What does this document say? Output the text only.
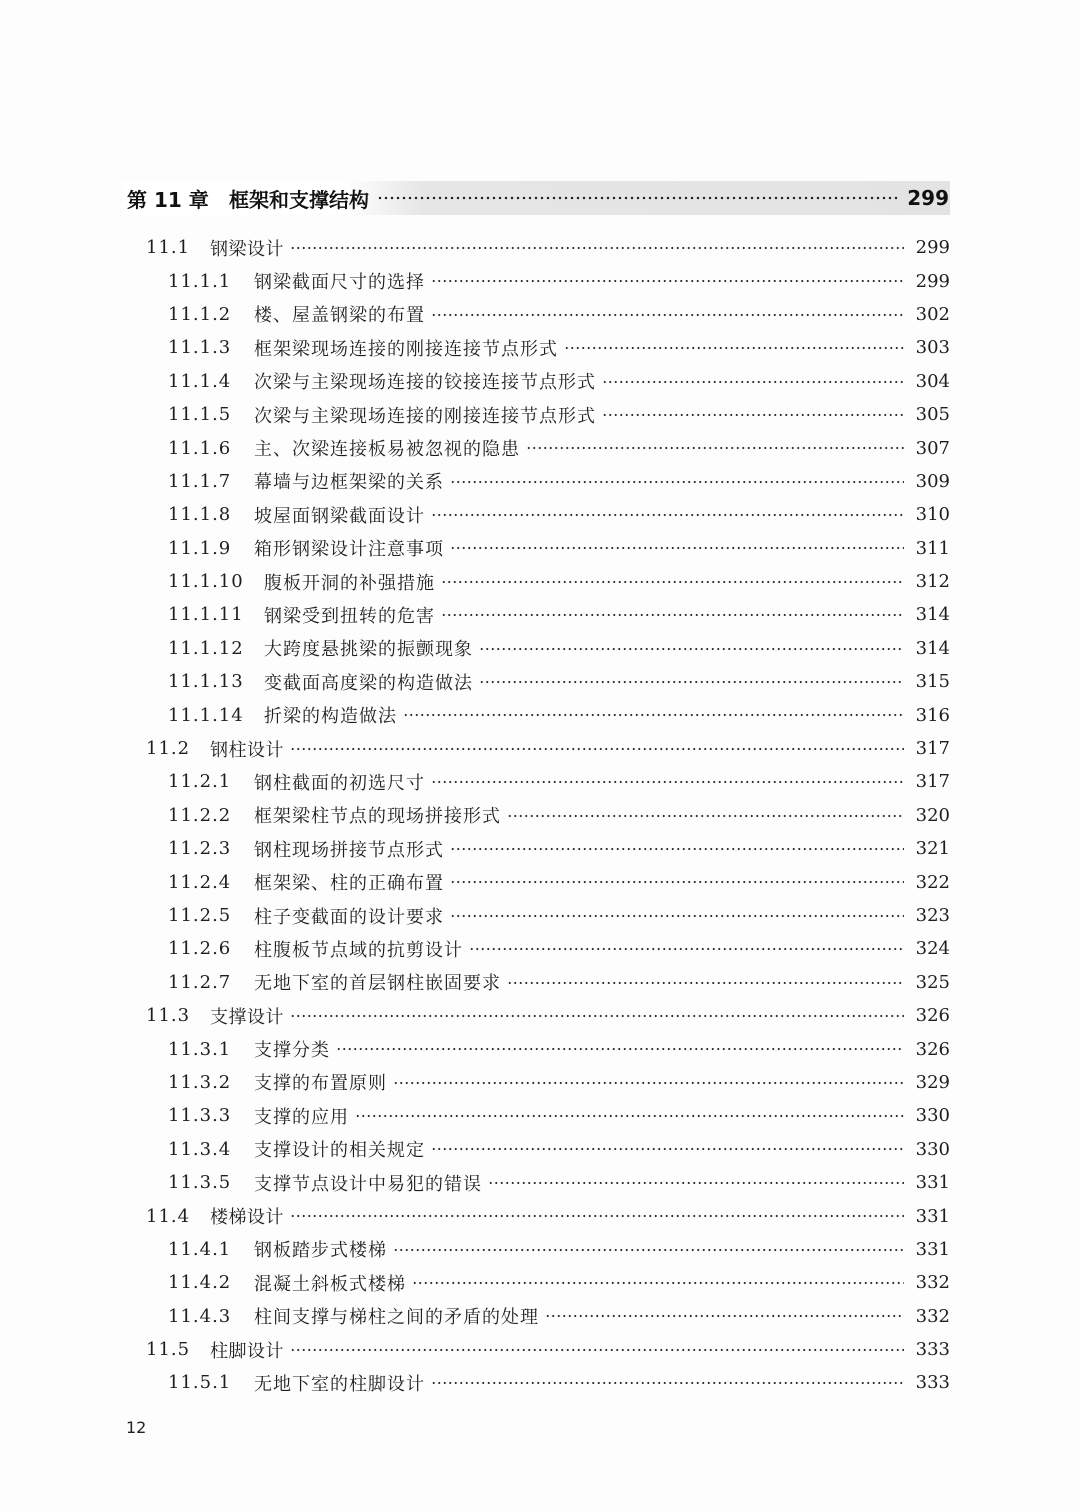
第 11 章	框架和支撑结构	299
11.1	钢梁设计	299
11.1.1	钢梁截面尺寸的选择	299
11.1.2	楼、屋盖钢梁的布置	302
11.1.3	框架梁现场连接的刚接连接节点形式	303
11.1.4	次梁与主梁现场连接的铰接连接节点形式	304
11.1.5	次梁与主梁现场连接的刚接连接节点形式	305
11.1.6	主、次梁连接板易被忽视的隐患	307
11.1.7	幕墙与边框架梁的关系	309
11.1.8	坡屋面钢梁截面设计	310
11.1.9	箱形钢梁设计注意事项	311
11.1.10	腹板开洞的补强措施	312
11.1.11	钢梁受到扭转的危害	314
11.1.12	大跨度悬挑梁的振颤现象	314
11.1.13	变截面高度梁的构造做法	315
11.1.14	折梁的构造做法	316
11.2	钢柱设计	317
11.2.1	钢柱截面的初选尺寸	317
11.2.2	框架梁柱节点的现场拼接形式	320
11.2.3	钢柱现场拼接节点形式	321
11.2.4	框架梁、柱的正确布置	322
11.2.5	柱子变截面的设计要求	323
11.2.6	柱腹板节点域的抗剪设计	324
11.2.7	无地下室的首层钢柱嵌固要求	325
11.3	支撑设计	326
11.3.1	支撑分类	326
11.3.2	支撑的布置原则	329
11.3.3	支撑的应用	330
11.3.4	支撑设计的相关规定	330
11.3.5	支撑节点设计中易犯的错误	331
11.4	楼梯设计	331
11.4.1	钢板踏步式楼梯	331
11.4.2	混凝土斜板式楼梯	332
11.4.3	柱间支撑与梯柱之间的矛盾的处理	332
11.5	柱脚设计	333
11.5.1	无地下室的柱脚设计	333
12
